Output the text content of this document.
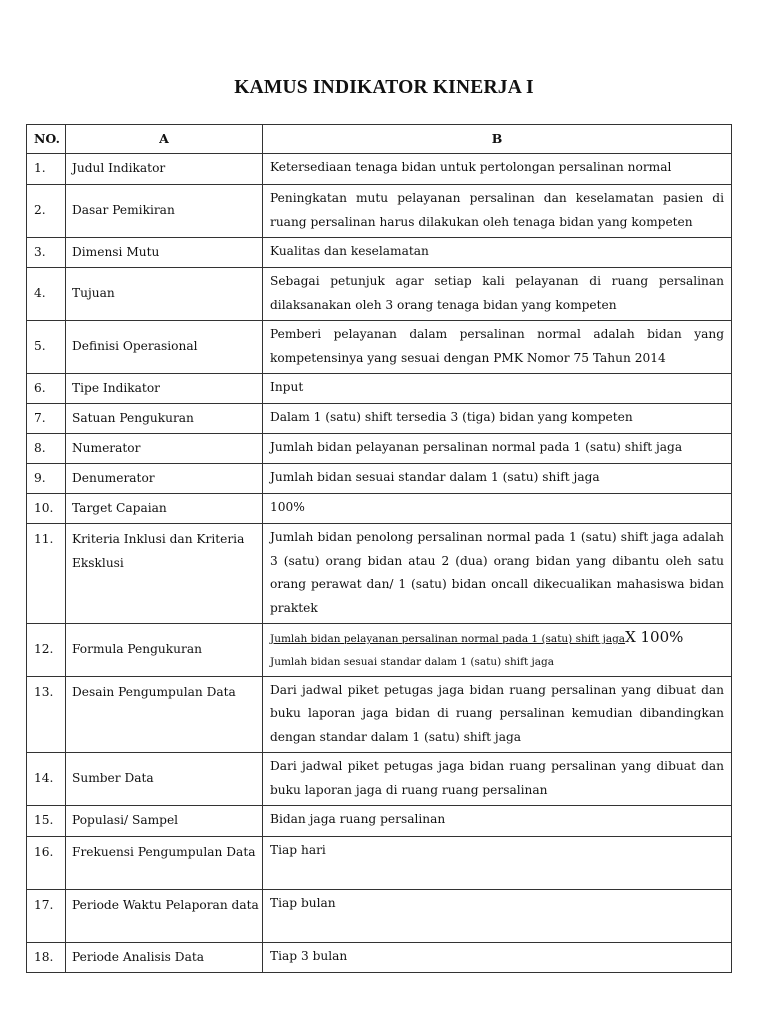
KAMUS INDIKATOR KINERJA I
NO.	A	B
1.	Judul Indikator	Ketersediaan tenaga bidan untuk pertolongan persalinan normal
2.	Dasar Pemikiran	Peningkatan mutu pelayanan persalinan dan keselamatan pasien di ruang persalinan harus dilakukan oleh tenaga bidan yang kompeten
3.	Dimensi Mutu	Kualitas dan keselamatan
4.	Tujuan	Sebagai petunjuk agar setiap kali pelayanan di ruang persalinan dilaksanakan oleh 3 orang tenaga bidan yang kompeten
5.	Definisi Operasional	Pemberi pelayanan dalam persalinan normal adalah bidan yang kompetensinya yang sesuai dengan PMK Nomor 75 Tahun 2014
6.	Tipe Indikator	Input
7.	Satuan Pengukuran	Dalam 1 (satu) shift tersedia 3 (tiga) bidan yang kompeten
8.	Numerator	Jumlah bidan pelayanan persalinan normal pada 1 (satu) shift jaga
9.	Denumerator	Jumlah bidan sesuai standar dalam 1 (satu) shift jaga
10.	Target Capaian	100%
11.	Kriteria Inklusi dan Kriteria Eksklusi	Jumlah bidan penolong persalinan normal pada 1 (satu) shift jaga adalah 3 (satu) orang bidan atau 2 (dua) orang bidan yang dibantu oleh satu orang perawat dan/ 1 (satu) bidan oncall dikecualikan mahasiswa bidan praktek
12.	Formula Pengukuran	Jumlah bidan pelayanan persalinan normal pada 1 (satu) shift jagaX 100%
Jumlah bidan sesuai standar dalam 1 (satu) shift jaga

13.	Desain Pengumpulan Data	Dari jadwal piket petugas jaga bidan ruang persalinan yang dibuat dan buku laporan jaga bidan di ruang persalinan kemudian dibandingkan dengan standar dalam 1 (satu) shift jaga
14.	Sumber Data	Dari jadwal piket petugas jaga bidan ruang persalinan yang dibuat dan buku laporan jaga di ruang ruang persalinan
15.	Populasi/ Sampel	Bidan jaga ruang persalinan
16.	Frekuensi Pengumpulan Data	Tiap hari
17.	Periode Waktu Pelaporan data	Tiap bulan
18.	Periode Analisis Data	Tiap 3 bulan
